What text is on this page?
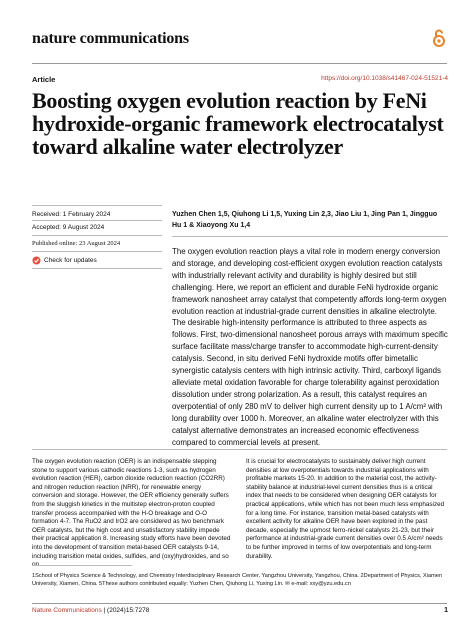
nature communications
Article	https://doi.org/10.1038/s41467-024-51521-4
Boosting oxygen evolution reaction by FeNi hydroxide-organic framework electrocatalyst toward alkaline water electrolyzer
Received: 1 February 2024
Accepted: 9 August 2024
Published online: 23 August 2024
Check for updates
Yuzhen Chen 1,5, Qiuhong Li 1,5, Yuxing Lin 2,3, Jiao Liu 1, Jing Pan 1, Jingguo Hu 1 & Xiaoyong Xu 1,4

The oxygen evolution reaction plays a vital role in modern energy conversion and storage, and developing cost-efficient oxygen evolution reaction catalysts with industrially relevant activity and durability is highly desired but still challenging. Here, we report an efficient and durable FeNi hydroxide organic framework nanosheet array catalyst that competently affords long-term oxygen evolution reaction at industrial-grade current densities in alkaline electrolyte. The desirable high-intensity performance is attributed to three aspects as follows. First, two-dimensional nanosheet porous arrays with maximum specific surface facilitate mass/charge transfer to accommodate high-current-density catalysis. Second, in situ derived FeNi hydroxide motifs offer bimetallic synergistic catalysis centers with high intrinsic activity. Third, carboxyl ligands alleviate metal oxidation favorable for charge tolerability against peroxidation dissolution under strong polarization. As a result, this catalyst requires an overpotential of only 280 mV to deliver high current density up to 1 A/cm² with long durability over 1000 h. Moreover, an alkaline water electrolyzer with this catalyst alternative demonstrates an increased economic effectiveness compared to commercial levels at present.

The oxygen evolution reaction (OER) is an indispensable stepping stone to support various cathodic reactions 1-3, such as hydrogen evolution reaction (HER), carbon dioxide reduction reaction (CO2RR) and nitrogen reduction reaction (NRR), for renewable energy conversion and storage. However, the OER efficiency generally suffers from the sluggish kinetics in the multistep electron-proton coupled transfer process accompanied with the H-O breakage and O-O formation 4-7. The RuO2 and IrO2 are considered as two benchmark OER catalysts, but the high cost and unsatisfactory stability impede their practical application 8. Increasing study efforts have been devoted into the development of transition metal-based OER catalysts 9-14, including transition metal oxides, sulfides, and (oxy)hydroxides, and so

It is crucial for electrocatalysts to sustainably deliver high current densities at low overpotentials towards industrial applications with profitable markets 15-20. In addition to the material cost, the activity-stability balance at industrial-level current densities thus is a critical index that needs to be considered when designing OER catalysts for practical applications, while which has not been much less emphasized for a long time. For instance, transition metal-based catalysts with excellent activity for alkaline OER have been explored in the past decade, especially the upmost ferro-nickel catalysts 21-23, but their performance at industrial-grade current densities over 0.5 A/cm² needs to be further improved in terms of low overpotentials and long-term durability.

1School of Physics Science & Technology, and Chemistry Interdisciplinary Research Center, Yangzhou University, Yangzhou, China. 2Department of Physics, Xiamen University, Xiamen, China. 5These authors contributed equally: Yuzhen Chen, Qiuhong Li, Yuxing Lin. ✉ e-mail: xxy@yzu.edu.cn

Nature Communications | (2024)15:7278	1
